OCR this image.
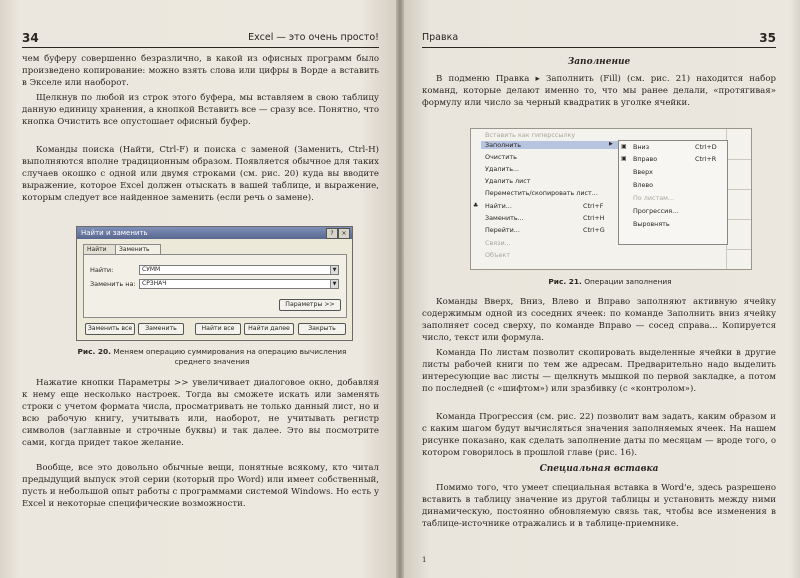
34	Excel — это очень просто!

чем буферу совершенно безразлично, в какой из офисных программ было произведено копирование: можно взять слова или цифры в Ворде а вставить в Экселе или наоборот.

Щелкнув по любой из строк этого буфера, мы вставляем в свою таблицу данную единицу хранения, а кнопкой Вставить все — сразу все. Понятно, что кнопка Очистить все опустошает офисный буфер.

Команды поиска (Найти, Ctrl-F) и поиска с заменой (Заменить, Ctrl-H) выполняются вполне традиционным образом. Появляется обычное для таких случаев окошко с одной или двумя строками (см. рис. 20) куда вы вводите выражение, которое Excel должен отыскать в вашей таблице, и выражение, которым следует все найденное заменить (если речь о замене).

Найти и заменить	?	×
Найти	Заменить
Найти:	СУММ	▼
Заменить на:	СРЗНАЧ	▼
Параметры >>
Заменить все	Заменить	Найти все	Найти далее	Закрыть
Рис. 20. Меняем операцию суммирования на операцию вычисления среднего значения

Нажатие кнопки Параметры >> увеличивает диалоговое окно, добавляя к нему еще несколько настроек. Тогда вы сможете искать или заменять строки с учетом формата числа, просматривать не только данный лист, но и всю рабочую книгу, учитывать или, наоборот, не учитывать регистр символов (заглавные и строчные буквы) и так далее. Это вы посмотрите сами, когда придет такое желание.

Вообще, все это довольно обычные вещи, понятные всякому, кто читал предыдущий выпуск этой серии (который про Word) или имеет собственный, пусть и небольшой опыт работы с программами системой Windows. Но есть у Excel и некоторые специфические возможности.

Правка	35
Заполнение

В подменю Правка ▸ Заполнить (Fill) (см. рис. 21) находится набор команд, которые делают именно то, что мы ранее делали, «протягивая» формулу или число за черный квадратик в уголке ячейки.

Вставить как гиперссылку
Заполнить	▶
Очистить
Удалить...
Удалить лист
Переместить/скопировать лист...
♣ Найти...	Ctrl+F
Заменить...	Ctrl+H
Перейти...	Ctrl+G
Связи...
Объект
▣ Вниз	Ctrl+D
▣ Вправо	Ctrl+R
Вверх
Влево
По листам...
Прогрессия...
Выровнять
Рис. 21. Операции заполнения

Команды Вверх, Вниз, Влево и Вправо заполняют активную ячейку содержимым одной из соседних ячеек: по команде Заполнить вниз ячейку заполняет сосед сверху, по команде Вправо — сосед справа... Копируется число, текст или формула.

Команда По листам позволит скопировать выделенные ячейки в другие листы рабочей книги по тем же адресам. Предварительно надо выделить интересующие вас листы — щелкнуть мышкой по первой закладке, а потом по последней (с «шифтом») или зразбивку (с «контролом»).

Команда Прогрессия (см. рис. 22) позволит вам задать, каким образом и с каким шагом будут вычисляться значения заполняемых ячеек. На нашем рисунке показано, как сделать заполнение даты по месяцам — вроде того, о котором говорилось в прошлой главе (рис. 16).

Специальная вставка

Помимо того, что умеет специальная вставка в Word'е, здесь разрешено вставить в таблицу значение из другой таблицы и установить между ними динамическую, постоянно обновляемую связь так, чтобы все изменения в таблице-источнике отражались и в таблице-приемнике.

1
